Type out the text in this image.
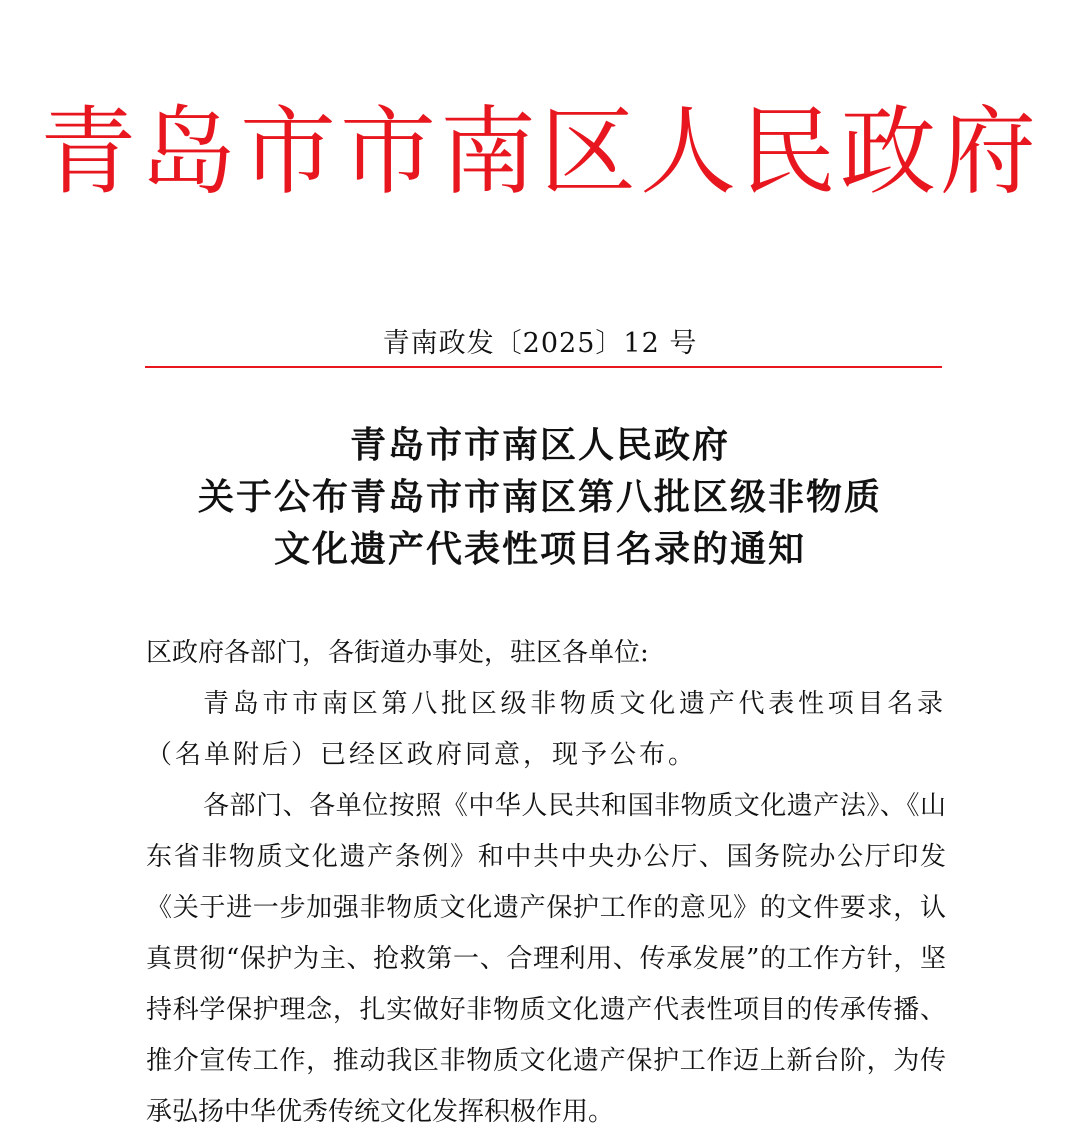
青岛市市南区人民政府
青南政发〔2025〕12 号
青岛市市南区人民政府
关于公布青岛市市南区第八批区级非物质
文化遗产代表性项目名录的通知

区政府各部门，各街道办事处，驻区各单位:

青岛市市南区第八批区级非物质文化遗产代表性项目名录（名单附后）已经区政府同意，现予公布。

各部门、各单位按照《中华人民共和国非物质文化遗产法》、《山东省非物质文化遗产条例》和中共中央办公厅、国务院办公厅印发《关于进一步加强非物质文化遗产保护工作的意见》的文件要求，认真贯彻“保护为主、抢救第一、合理利用、传承发展”的工作方针，坚持科学保护理念，扎实做好非物质文化遗产代表性项目的传承传播、推介宣传工作，推动我区非物质文化遗产保护工作迈上新台阶，为传承弘扬中华优秀传统文化发挥积极作用。
